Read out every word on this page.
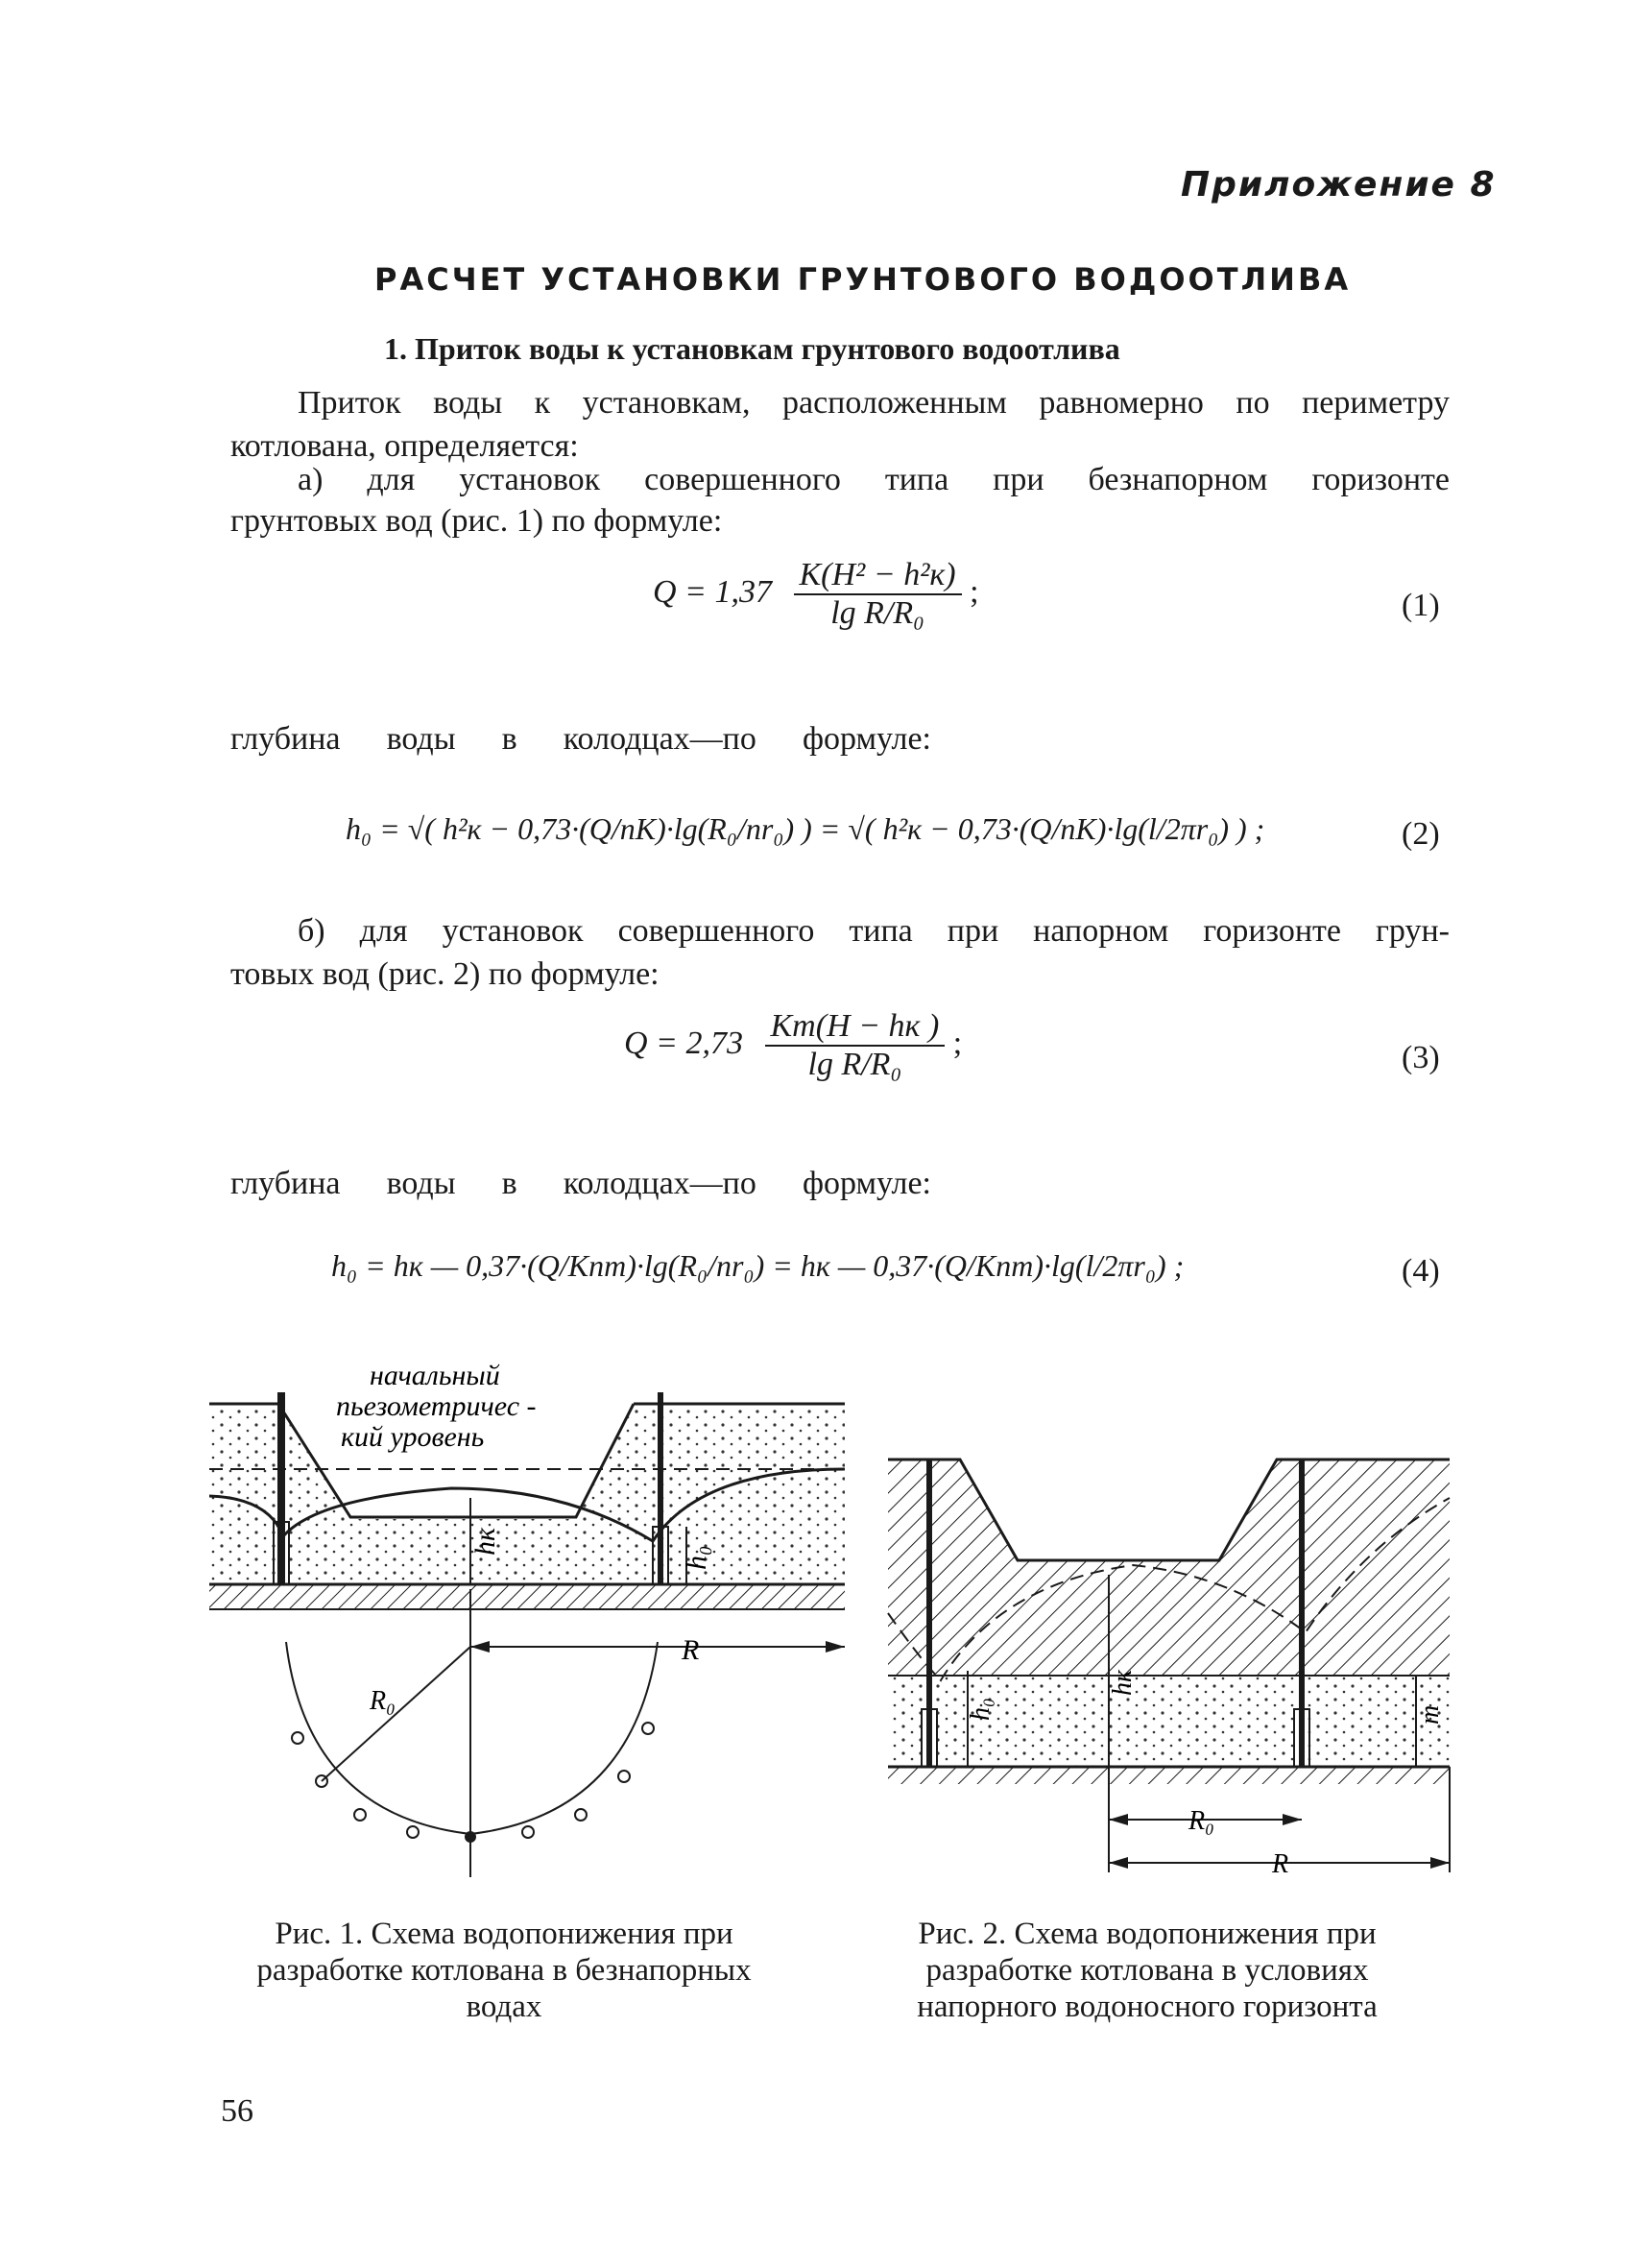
Приложение 8
РАСЧЕТ УСТАНОВКИ ГРУНТОВОГО ВОДООТЛИВА
1. Приток воды к установкам грунтового водоотлива
Приток воды к установкам, расположенным равномерно по периметру
котлована, определяется:
а) для установок совершенного типа при безнапорном горизонте
грунтовых вод (рис. 1) по формуле:
$Q = 1,37 \frac{\text{K(H² − h²к)}}{\text{lg R/R₀}}$ ;	(1)
глубина воды в колодцах—по формуле:
h₀ = √( h²к − 0,73·(Q/nK)·lg(R₀/nr₀) ) = √( h²к − 0,73·(Q/nK)·lg(l/2πr₀) ) ;	(2)
б) для установок совершенного типа при напорном горизонте грун-
товых вод (рис. 2) по формуле:
$Q = 2,73 \frac{Km(H - hк )}{\text{lg R/R₀}}$ ;	(3)
глубина воды в колодцах—по формуле:
h₀ = hк — 0,37·(Q/Knm)·lg(R₀/nr₀) = hк — 0,37·(Q/Knm)·lg(l/2πr₀) ;	(4)
hк
h₀
R
R₀
начальный
пьезометричес -
кий уровень
Рис. 1. Схема водопонижения при
разработке котлована в безнапорных
водах
h₀
hк
m
R₀
R
Рис. 2. Схема водопонижения при
разработке котлована в условиях
напорного водоносного горизонта
56
